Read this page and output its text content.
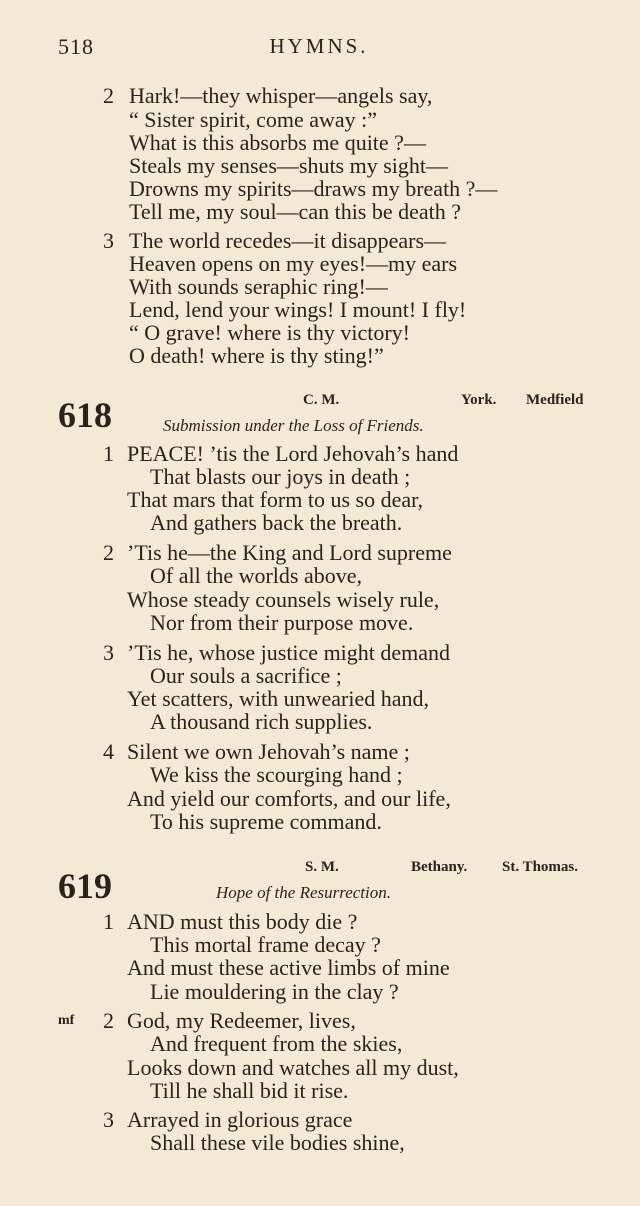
518	HYMNS.
2 Hark!—they whisper—angels say,
“ Sister spirit, come away :”
What is this absorbs me quite ?—
Steals my senses—shuts my sight—
Drowns my spirits—draws my breath ?—
Tell me, my soul—can this be death ?
3 The world recedes—it disappears—
Heaven opens on my eyes!—my ears
With sounds seraphic ring!—
Lend, lend your wings! I mount! I fly!
“ O grave! where is thy victory!
O death! where is thy sting!”
618	C. M.	York. Medfield
Submission under the Loss of Friends.
1 PEACE! ’tis the Lord Jehovah’s hand
That blasts our joys in death ;
That mars that form to us so dear,
And gathers back the breath.
2 ’Tis he—the King and Lord supreme
Of all the worlds above,
Whose steady counsels wisely rule,
Nor from their purpose move.
3 ’Tis he, whose justice might demand
Our souls a sacrifice ;
Yet scatters, with unwearied hand,
A thousand rich supplies.
4 Silent we own Jehovah’s name ;
We kiss the scourging hand ;
And yield our comforts, and our life,
To his supreme command.
S. M.	Bethany. St. Thomas.
619	Hope of the Resurrection.
1 AND must this body die ?
This mortal frame decay ?
And must these active limbs of mine
Lie mouldering in the clay ?
mf 2 God, my Redeemer, lives,
And frequent from the skies,
Looks down and watches all my dust,
Till he shall bid it rise.
3 Arrayed in glorious grace
Shall these vile bodies shine,
